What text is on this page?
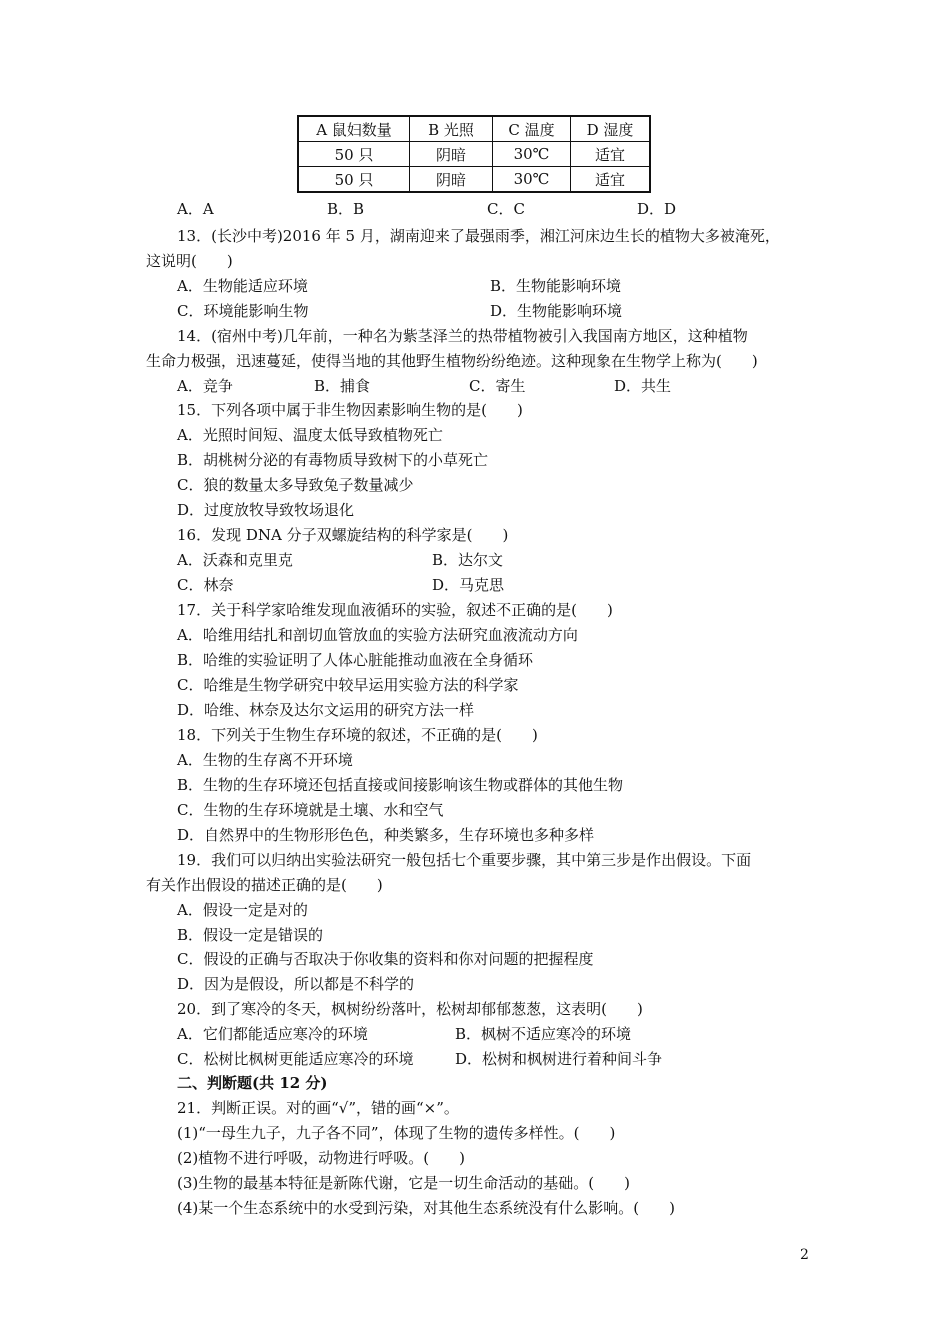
A 鼠妇数量	B 光照	C 温度	D 湿度
50 只	阴暗	30℃	适宜
50 只	阴暗	30℃	适宜
A．A	B．B	C．C	D．D
13．(长沙中考)2016 年 5 月，湖南迎来了最强雨季，湘江河床边生长的植物大多被淹死，
这说明(　　)
A．生物能适应环境	B．生物能影响环境
C．环境能影响生物	D．生物能影响环境
14．(宿州中考)几年前，一种名为紫茎泽兰的热带植物被引入我国南方地区，这种植物
生命力极强，迅速蔓延，使得当地的其他野生植物纷纷绝迹。这种现象在生物学上称为(　　)
A．竞争	B．捕食	C．寄生	D．共生
15．下列各项中属于非生物因素影响生物的是(　　)
A．光照时间短、温度太低导致植物死亡
B．胡桃树分泌的有毒物质导致树下的小草死亡
C．狼的数量太多导致兔子数量减少
D．过度放牧导致牧场退化
16．发现 DNA 分子双螺旋结构的科学家是(　　)
A．沃森和克里克	B．达尔文
C．林奈	D．马克思
17．关于科学家哈维发现血液循环的实验，叙述不正确的是(　　)
A．哈维用结扎和剖切血管放血的实验方法研究血液流动方向
B．哈维的实验证明了人体心脏能推动血液在全身循环
C．哈维是生物学研究中较早运用实验方法的科学家
D．哈维、林奈及达尔文运用的研究方法一样
18．下列关于生物生存环境的叙述，不正确的是(　　)
A．生物的生存离不开环境
B．生物的生存环境还包括直接或间接影响该生物或群体的其他生物
C．生物的生存环境就是土壤、水和空气
D．自然界中的生物形形色色，种类繁多，生存环境也多种多样
19．我们可以归纳出实验法研究一般包括七个重要步骤，其中第三步是作出假设。下面
有关作出假设的描述正确的是(　　)
A．假设一定是对的
B．假设一定是错误的
C．假设的正确与否取决于你收集的资料和你对问题的把握程度
D．因为是假设，所以都是不科学的
20．到了寒冷的冬天，枫树纷纷落叶，松树却郁郁葱葱，这表明(　　)
A．它们都能适应寒冷的环境	B．枫树不适应寒冷的环境
C．松树比枫树更能适应寒冷的环境	D．松树和枫树进行着种间斗争
二、判断题(共 12 分)
21．判断正误。对的画“√”，错的画“×”。
(1)“一母生九子，九子各不同”，体现了生物的遗传多样性。(　　)
(2)植物不进行呼吸，动物进行呼吸。(　　)
(3)生物的最基本特征是新陈代谢，它是一切生命活动的基础。(　　)
(4)某一个生态系统中的水受到污染，对其他生态系统没有什么影响。(　　)
2
